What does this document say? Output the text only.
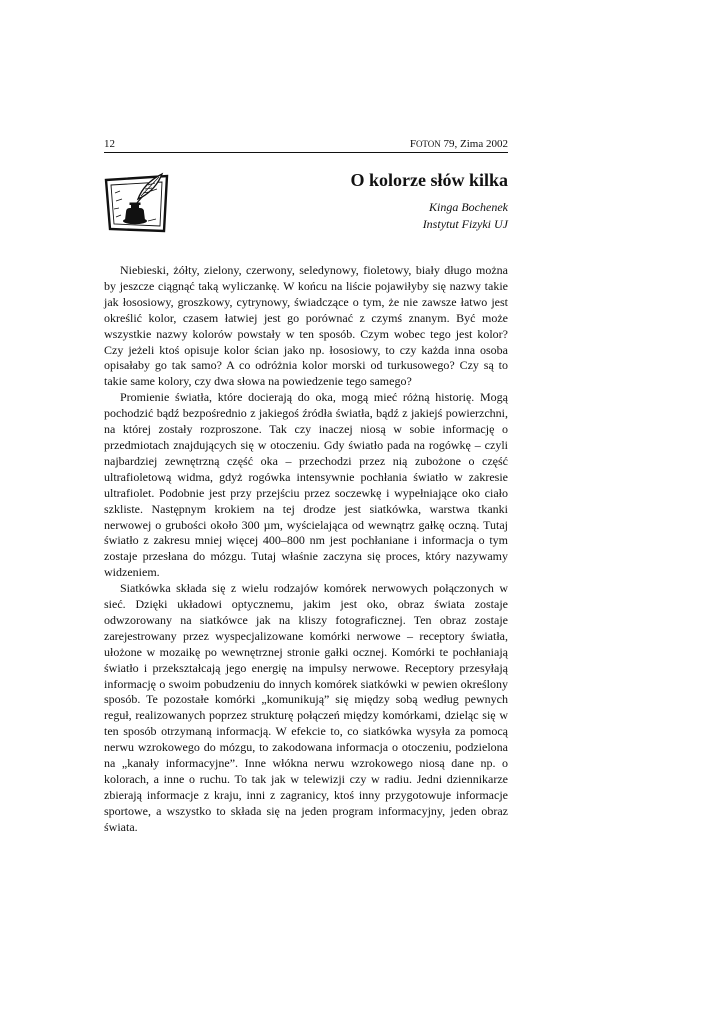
12	FOTON 79, Zima 2002
O kolorze słów kilka
Kinga Bochenek
Instytut Fizyki UJ

Niebieski, żółty, zielony, czerwony, seledynowy, fioletowy, biały długo można by jeszcze ciągnąć taką wyliczankę. W końcu na liście pojawiłyby się nazwy takie jak łososiowy, groszkowy, cytrynowy, świadczące o tym, że nie zawsze łatwo jest określić kolor, czasem łatwiej jest go porównać z czymś znanym. Być może wszystkie nazwy kolorów powstały w ten sposób. Czym wobec tego jest kolor? Czy jeżeli ktoś opisuje kolor ścian jako np. łososiowy, to czy każda inna osoba opisałaby go tak samo? A co odróżnia kolor morski od turkusowego? Czy są to takie same kolory, czy dwa słowa na powiedzenie tego samego?

Promienie światła, które docierają do oka, mogą mieć różną historię. Mogą pochodzić bądź bezpośrednio z jakiegoś źródła światła, bądź z jakiejś powierzchni, na której zostały rozproszone. Tak czy inaczej niosą w sobie informację o przedmiotach znajdujących się w otoczeniu. Gdy światło pada na rogówkę – czyli najbardziej zewnętrzną część oka – przechodzi przez nią zubożone o część ultrafioletową widma, gdyż rogówka intensywnie pochłania światło w zakresie ultrafiolet. Podobnie jest przy przejściu przez soczewkę i wypełniające oko ciało szkliste. Następnym krokiem na tej drodze jest siatkówka, warstwa tkanki nerwowej o grubości około 300 µm, wyścielająca od wewnątrz gałkę oczną. Tutaj światło z zakresu mniej więcej 400–800 nm jest pochłaniane i informacja o tym zostaje przesłana do mózgu. Tutaj właśnie zaczyna się proces, który nazywamy widzeniem.

Siatkówka składa się z wielu rodzajów komórek nerwowych połączonych w sieć. Dzięki układowi optycznemu, jakim jest oko, obraz świata zostaje odwzorowany na siatkówce jak na kliszy fotograficznej. Ten obraz zostaje zarejestrowany przez wyspecjalizowane komórki nerwowe – receptory światła, ułożone w mozaikę po wewnętrznej stronie gałki ocznej. Komórki te pochłaniają światło i przekształcają jego energię na impulsy nerwowe. Receptory przesyłają informację o swoim pobudzeniu do innych komórek siatkówki w pewien określony sposób. Te pozostałe komórki „komunikują” się między sobą według pewnych reguł, realizowanych poprzez strukturę połączeń między komórkami, dzieląc się w ten sposób otrzymaną informacją. W efekcie to, co siatkówka wysyła za pomocą nerwu wzrokowego do mózgu, to zakodowana informacja o otoczeniu, podzielona na „kanały informacyjne”. Inne włókna nerwu wzrokowego niosą dane np. o kolorach, a inne o ruchu. To tak jak w telewizji czy w radiu. Jedni dziennikarze zbierają informacje z kraju, inni z zagranicy, ktoś inny przygotowuje informacje sportowe, a wszystko to składa się na jeden program informacyjny, jeden obraz świata.
